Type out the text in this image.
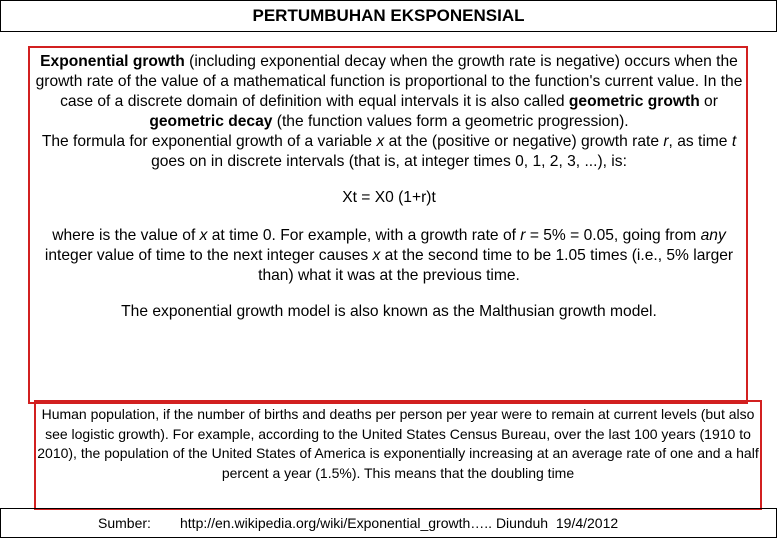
PERTUMBUHAN EKSPONENSIAL

Exponential growth (including exponential decay when the growth rate is negative) occurs when the growth rate of the value of a mathematical function is proportional to the function's current value. In the case of a discrete domain of definition with equal intervals it is also called geometric growth or geometric decay (the function values form a geometric progression).

The formula for exponential growth of a variable x at the (positive or negative) growth rate r, as time t goes on in discrete intervals (that is, at integer times 0, 1, 2, 3, ...), is:

Xt = X0 (1+r)t

where is the value of x at time 0. For example, with a growth rate of r = 5% = 0.05, going from any integer value of time to the next integer causes x at the second time to be 1.05 times (i.e., 5% larger than) what it was at the previous time.

The exponential growth model is also known as the Malthusian growth model.

Human population, if the number of births and deaths per person per year were to remain at current levels (but also see logistic growth). For example, according to the United States Census Bureau, over the last 100 years (1910 to 2010), the population of the United States of America is exponentially increasing at an average rate of one and a half percent a year (1.5%). This means that the doubling time
Sumber: http://en.wikipedia.org/wiki/Exponential_growth….. Diunduh  19/4/2012
